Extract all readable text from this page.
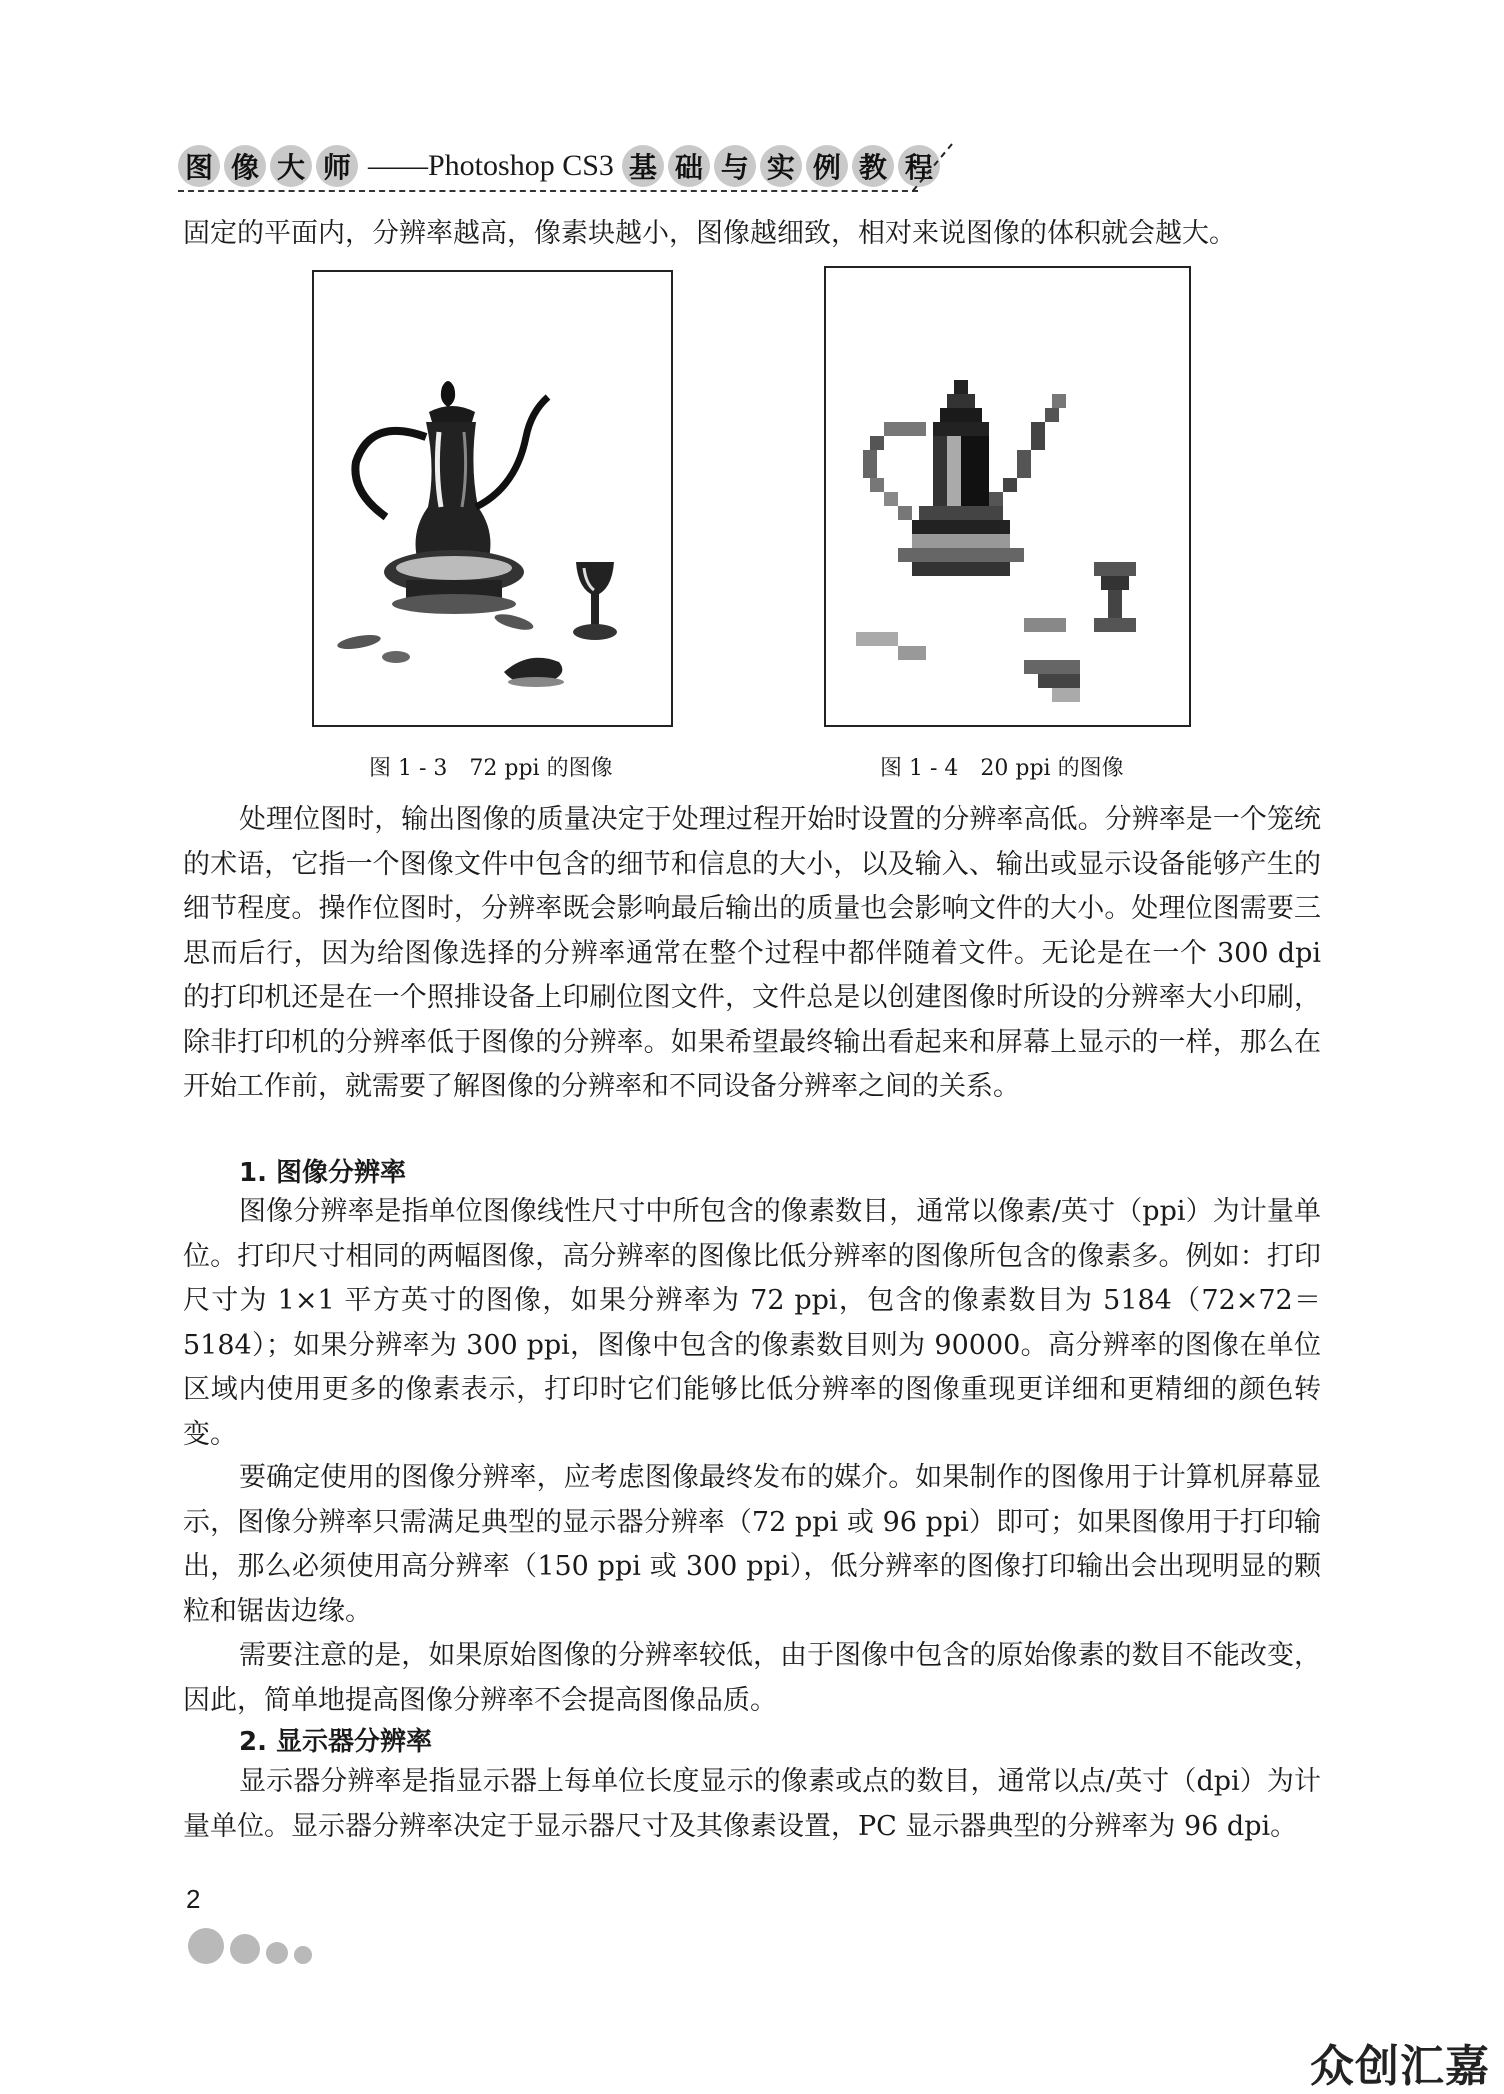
图 像 大 师 ——Photoshop CS3 基 础 与 实 例 教 程
固定的平面内，分辨率越高，像素块越小，图像越细致，相对来说图像的体积就会越大。
图 1 - 3　72 ppi 的图像	图 1 - 4　20 ppi 的图像
处理位图时，输出图像的质量决定于处理过程开始时设置的分辨率高低。分辨率是一个笼统的术语，它指一个图像文件中包含的细节和信息的大小，以及输入、输出或显示设备能够产生的细节程度。操作位图时，分辨率既会影响最后输出的质量也会影响文件的大小。处理位图需要三思而后行，因为给图像选择的分辨率通常在整个过程中都伴随着文件。无论是在一个 300 dpi 的打印机还是在一个照排设备上印刷位图文件，文件总是以创建图像时所设的分辨率大小印刷，除非打印机的分辨率低于图像的分辨率。如果希望最终输出看起来和屏幕上显示的一样，那么在开始工作前，就需要了解图像的分辨率和不同设备分辨率之间的关系。
1. 图像分辨率
图像分辨率是指单位图像线性尺寸中所包含的像素数目，通常以像素/英寸（ppi）为计量单位。打印尺寸相同的两幅图像，高分辨率的图像比低分辨率的图像所包含的像素多。例如：打印尺寸为 1×1 平方英寸的图像，如果分辨率为 72 ppi，包含的像素数目为 5184（72×72＝5184）；如果分辨率为 300 ppi，图像中包含的像素数目则为 90000。高分辨率的图像在单位区域内使用更多的像素表示，打印时它们能够比低分辨率的图像重现更详细和更精细的颜色转变。
要确定使用的图像分辨率，应考虑图像最终发布的媒介。如果制作的图像用于计算机屏幕显示，图像分辨率只需满足典型的显示器分辨率（72 ppi 或 96 ppi）即可；如果图像用于打印输出，那么必须使用高分辨率（150 ppi 或 300 ppi），低分辨率的图像打印输出会出现明显的颗粒和锯齿边缘。
需要注意的是，如果原始图像的分辨率较低，由于图像中包含的原始像素的数目不能改变，因此，简单地提高图像分辨率不会提高图像品质。
2. 显示器分辨率
显示器分辨率是指显示器上每单位长度显示的像素或点的数目，通常以点/英寸（dpi）为计量单位。显示器分辨率决定于显示器尺寸及其像素设置，PC 显示器典型的分辨率为 96 dpi。
2
众创汇嘉
